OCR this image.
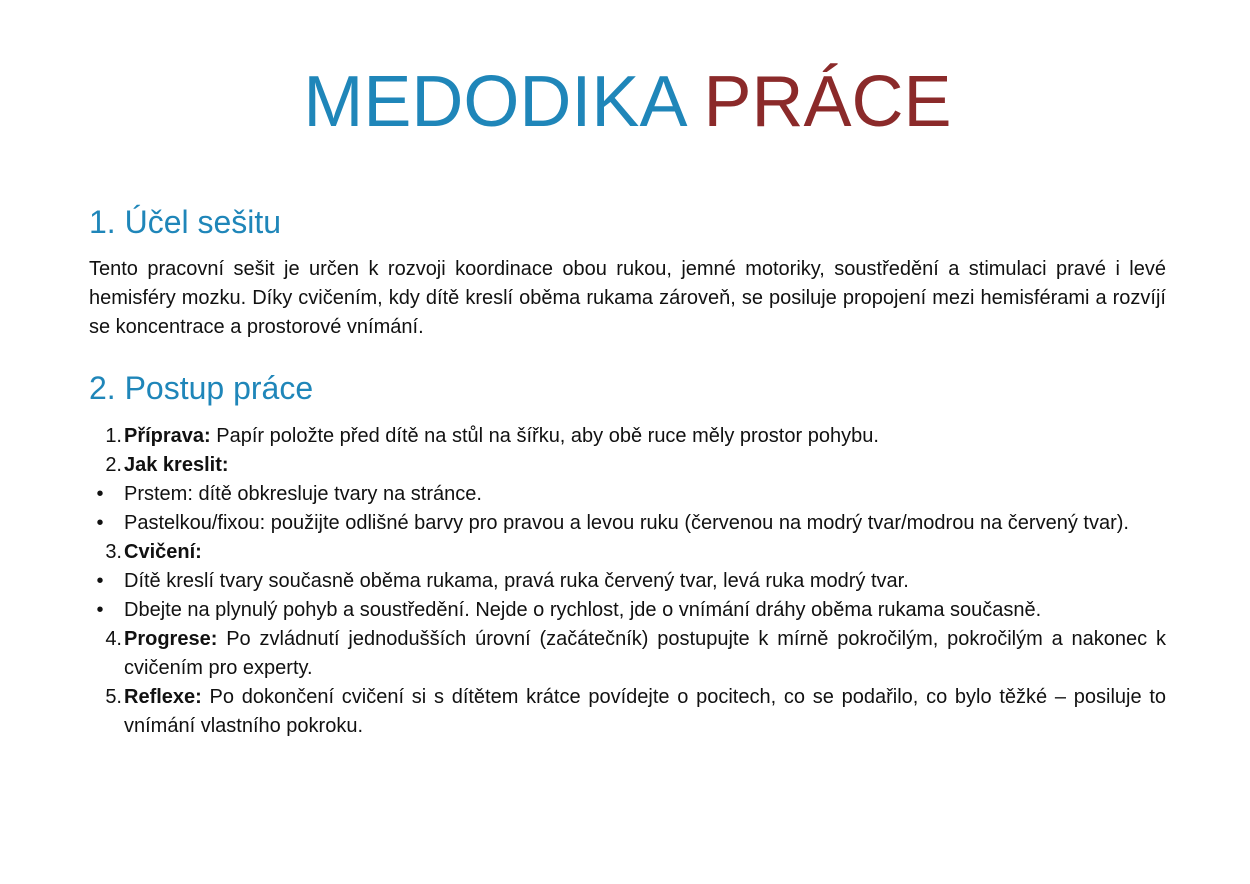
MEDODIKA PRÁCE
1. Účel sešitu

Tento pracovní sešit je určen k rozvoji koordinace obou rukou, jemné motoriky, soustředění a stimulaci pravé i levé hemisféry mozku. Díky cvičením, kdy dítě kreslí oběma rukama zároveň, se posiluje propojení mezi hemisférami a rozvíjí se koncentrace a prostorové vnímání.

2. Postup práce
1. Příprava: Papír položte před dítě na stůl na šířku, aby obě ruce měly prostor pohybu.
2. Jak kreslit:
•	Prstem: dítě obkresluje tvary na stránce.
•	Pastelkou/fixou: použijte odlišné barvy pro pravou a levou ruku (červenou na modrý tvar/modrou na červený tvar).
3. Cvičení:
•	Dítě kreslí tvary současně oběma rukama, pravá ruka červený tvar, levá ruka modrý tvar.
•	Dbejte na plynulý pohyb a soustředění. Nejde o rychlost, jde o vnímání dráhy oběma rukama současně.
4. Progrese: Po zvládnutí jednodušších úrovní (začátečník) postupujte k mírně pokročilým, pokročilým a nakonec k cvičením pro experty.
5. Reflexe: Po dokončení cvičení si s dítětem krátce povídejte o pocitech, co se podařilo, co bylo těžké – posiluje to vnímání vlastního pokroku.
